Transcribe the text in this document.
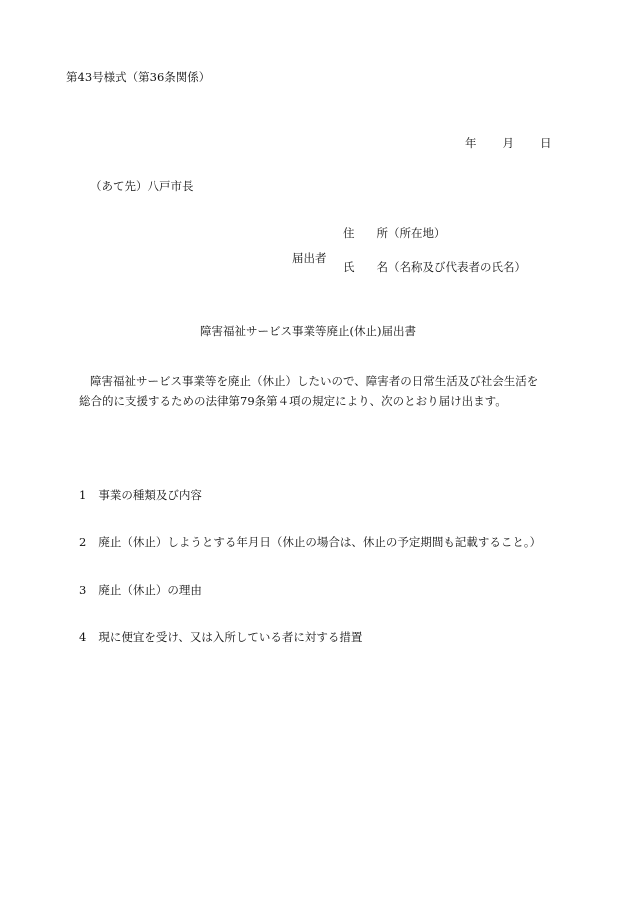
第43号様式（第36条関係）
年 月 日
（あて先）八戸市長
届出者
住 所（所在地）
氏 名（名称及び代表者の氏名）
障害福祉サービス事業等廃止(休止)届出書
障害福祉サービス事業等を廃止（休止）したいので、障害者の日常生活及び社会生活を
総合的に支援するための法律第79条第４項の規定により、次のとおり届け出ます。
1 事業の種類及び内容
2 廃止（休止）しようとする年月日（休止の場合は、休止の予定期間も記載すること。）
3 廃止（休止）の理由
4 現に便宜を受け、又は入所している者に対する措置
